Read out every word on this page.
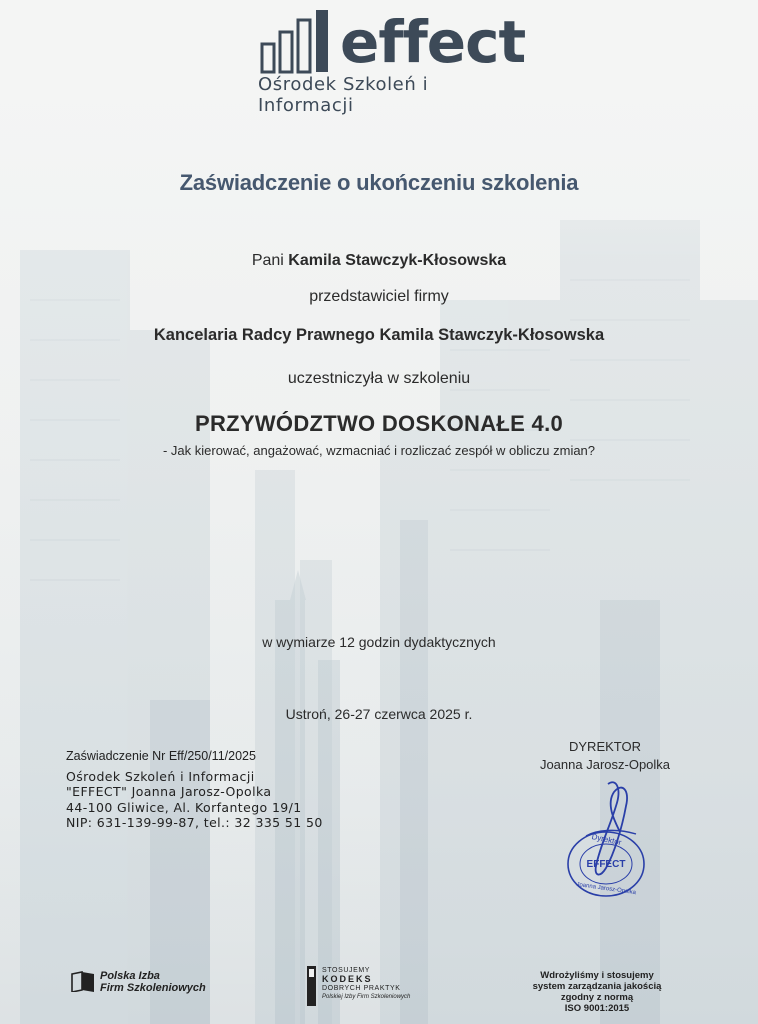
effect
Ośrodek Szkoleń i Informacji
Zaświadczenie o ukończeniu szkolenia
Pani Kamila Stawczyk-Kłosowska
przedstawiciel firmy
Kancelaria Radcy Prawnego Kamila Stawczyk-Kłosowska
uczestniczyła w szkoleniu
PRZYWÓDZTWO DOSKONAŁE 4.0
- Jak kierować, angażować, wzmacniać i rozliczać zespół w obliczu zmian?
w wymiarze 12 godzin dydaktycznych
Ustroń, 26-27 czerwca 2025 r.
Zaświadczenie Nr Eff/250/11/2025
Ośrodek Szkoleń i Informacji
"EFFECT" Joanna Jarosz-Opolka
44-100 Gliwice, Al. Korfantego 19/1
NIP: 631-139-99-87, tel.: 32 335 51 50
DYREKTOR
Joanna Jarosz-Opolka
EFFECT
Dyrektor
Joanna Jarosz-Opolka
Polska Izba
Firm Szkoleniowych
STOSUJEMY
KODEKS
DOBRYCH PRAKTYK
Polskiej Izby Firm Szkoleniowych
Wdrożyliśmy i stosujemy
system zarządzania jakością
zgodny z normą
ISO 9001:2015
